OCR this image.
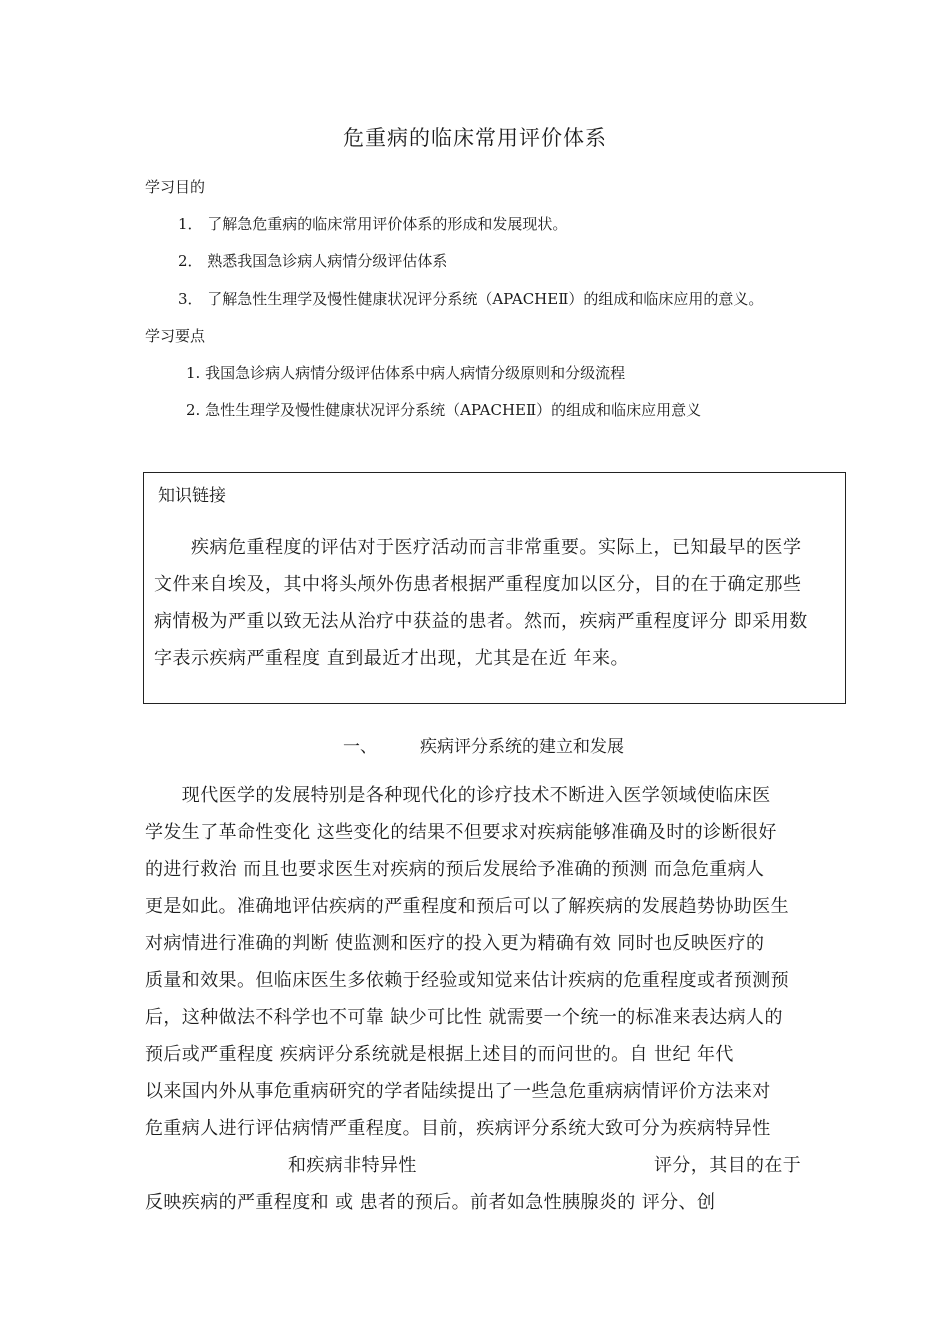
危重病的临床常用评价体系
学习目的
1． 了解急危重病的临床常用评价体系的形成和发展现状。
2． 熟悉我国急诊病人病情分级评估体系
3． 了解急性生理学及慢性健康状况评分系统（APACHEⅡ）的组成和临床应用的意义。
学习要点
1. 我国急诊病人病情分级评估体系中病人病情分级原则和分级流程
2. 急性生理学及慢性健康状况评分系统（APACHEⅡ）的组成和临床应用意义
知识链接
　　疾病危重程度的评估对于医疗活动而言非常重要。实际上，已知最早的医学
文件来自埃及，其中将头颅外伤患者根据严重程度加以区分，目的在于确定那些
病情极为严重以致无法从治疗中获益的患者。然而，疾病严重程度评分 即采用数
字表示疾病严重程度 直到最近才出现，尤其是在近 年来。
一、	疾病评分系统的建立和发展
　　现代医学的发展特别是各种现代化的诊疗技术不断进入医学领域使临床医
学发生了革命性变化 这些变化的结果不但要求对疾病能够准确及时的诊断很好
的进行救治 而且也要求医生对疾病的预后发展给予准确的预测 而急危重病人
更是如此。准确地评估疾病的严重程度和预后可以了解疾病的发展趋势协助医生
对病情进行准确的判断 使监测和医疗的投入更为精确有效 同时也反映医疗的
质量和效果。但临床医生多依赖于经验或知觉来估计疾病的危重程度或者预测预
后，这种做法不科学也不可靠 缺少可比性 就需要一个统一的标准来表达病人的
预后或严重程度 疾病评分系统就是根据上述目的而问世的。自 世纪 年代
以来国内外从事危重病研究的学者陆续提出了一些急危重病病情评价方法来对
危重病人进行评估病情严重程度。目前，疾病评分系统大致可分为疾病特异性
和疾病非特异性	评分，其目的在于
反映疾病的严重程度和 或 患者的预后。前者如急性胰腺炎的 评分、创
